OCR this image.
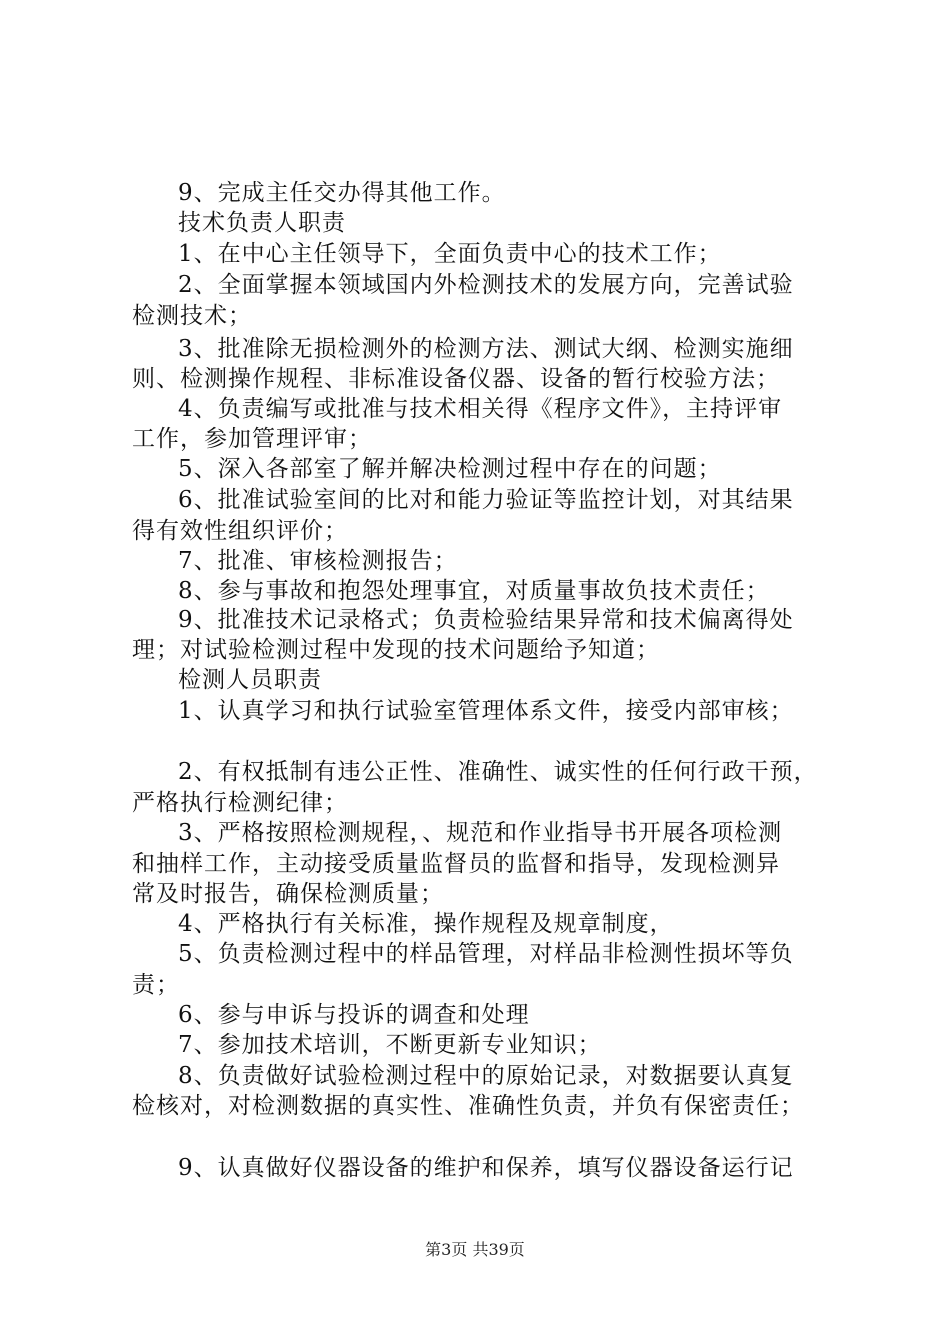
9、完成主任交办得其他工作。
技术负责人职责
1、在中心主任领导下，全面负责中心的技术工作；
2、全面掌握本领域国内外检测技术的发展方向，完善试验
检测技术；
3、批准除无损检测外的检测方法、测试大纲、检测实施细
则、检测操作规程、非标准设备仪器、设备的暂行校验方法；
4、负责编写或批准与技术相关得《程序文件》，主持评审
工作，参加管理评审；
5、深入各部室了解并解决检测过程中存在的问题；
6、批准试验室间的比对和能力验证等监控计划，对其结果
得有效性组织评价；
7、批准、审核检测报告；
8、参与事故和抱怨处理事宜，对质量事故负技术责任；
9、批准技术记录格式；负责检验结果异常和技术偏离得处
理；对试验检测过程中发现的技术问题给予知道；
检测人员职责
1、认真学习和执行试验室管理体系文件，接受内部审核；
2、有权抵制有违公正性、准确性、诚实性的任何行政干预，
严格执行检测纪律；
3、严格按照检测规程，、规范和作业指导书开展各项检测
和抽样工作，主动接受质量监督员的监督和指导，发现检测异
常及时报告，确保检测质量；
4、严格执行有关标准，操作规程及规章制度，
5、负责检测过程中的样品管理，对样品非检测性损坏等负
责；
6、参与申诉与投诉的调查和处理
7、参加技术培训，不断更新专业知识；
8、负责做好试验检测过程中的原始记录，对数据要认真复
检核对，对检测数据的真实性、准确性负责，并负有保密责任；
9、认真做好仪器设备的维护和保养，填写仪器设备运行记
第3页 共39页
